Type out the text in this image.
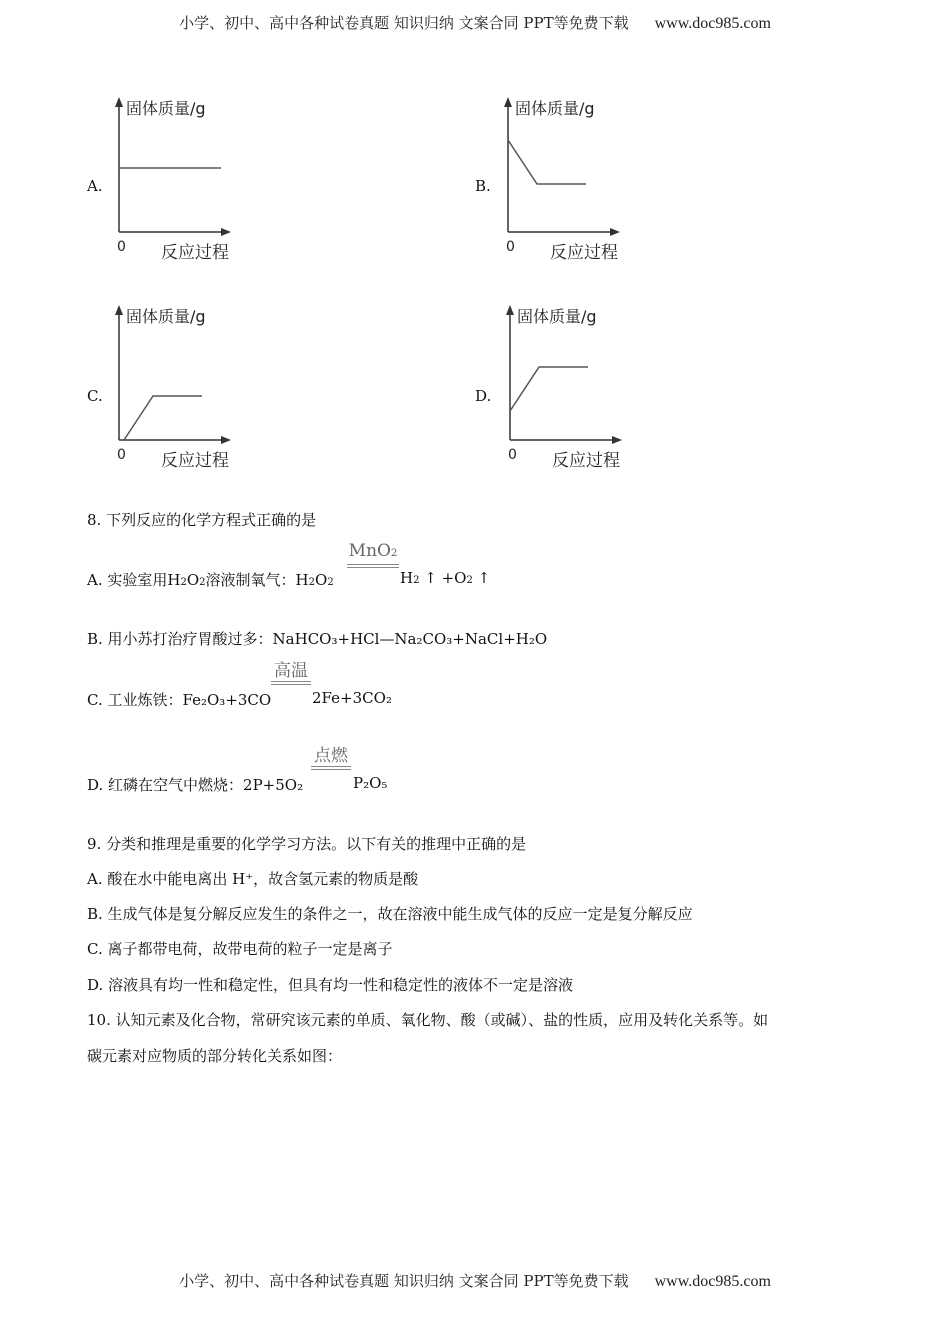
小学、初中、高中各种试卷真题 知识归纳 文案合同 PPT等免费下载 www.doc985.com
A.	B.
C.	D.
固体质量/g
0 反应过程
固体质量/g
0 反应过程
固体质量/g
0 反应过程
固体质量/g
0 反应过程
8. 下列反应的化学方程式正确的是
A. 实验室用H2O2溶液制氧气：H2O2
MnO2
H2 ↑ +O2 ↑
B. 用小苏打治疗胃酸过多：NaHCO₃+HCl—Na₂CO₃+NaCl+H₂O
C. 工业炼铁：Fe₂O₃+3CO
高温
2Fe+3CO₂
D. 红磷在空气中燃烧：2P+5O₂
点燃
P₂O₅
9. 分类和推理是重要的化学学习方法。以下有关的推理中正确的是
A. 酸在水中能电离出 H⁺，故含氢元素的物质是酸
B. 生成气体是复分解反应发生的条件之一，故在溶液中能生成气体的反应一定是复分解反应
C. 离子都带电荷，故带电荷的粒子一定是离子
D. 溶液具有均一性和稳定性，但具有均一性和稳定性的液体不一定是溶液
10. 认知元素及化合物，常研究该元素的单质、氧化物、酸（或碱）、盐的性质，应用及转化关系等。如
碳元素对应物质的部分转化关系如图：
小学、初中、高中各种试卷真题 知识归纳 文案合同 PPT等免费下载 www.doc985.com
